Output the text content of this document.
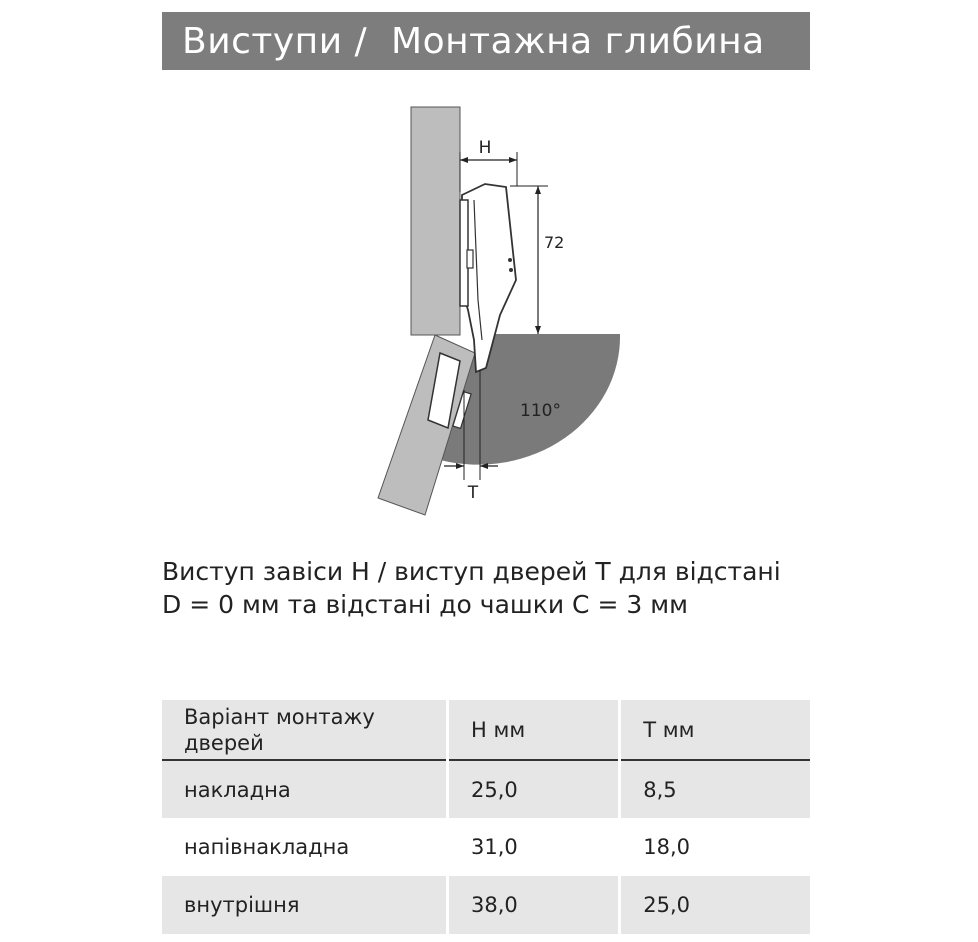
Виступи /  Монтажна глибина
H
72
110°
T
Виступ завіси H / виступ дверей T для відстані
D = 0 мм та відстані до чашки C = 3 мм
Варіант монтажу дверей	H мм	T мм
накладна	25,0	8,5
напівнакладна	31,0	18,0
внутрішня	38,0	25,0
